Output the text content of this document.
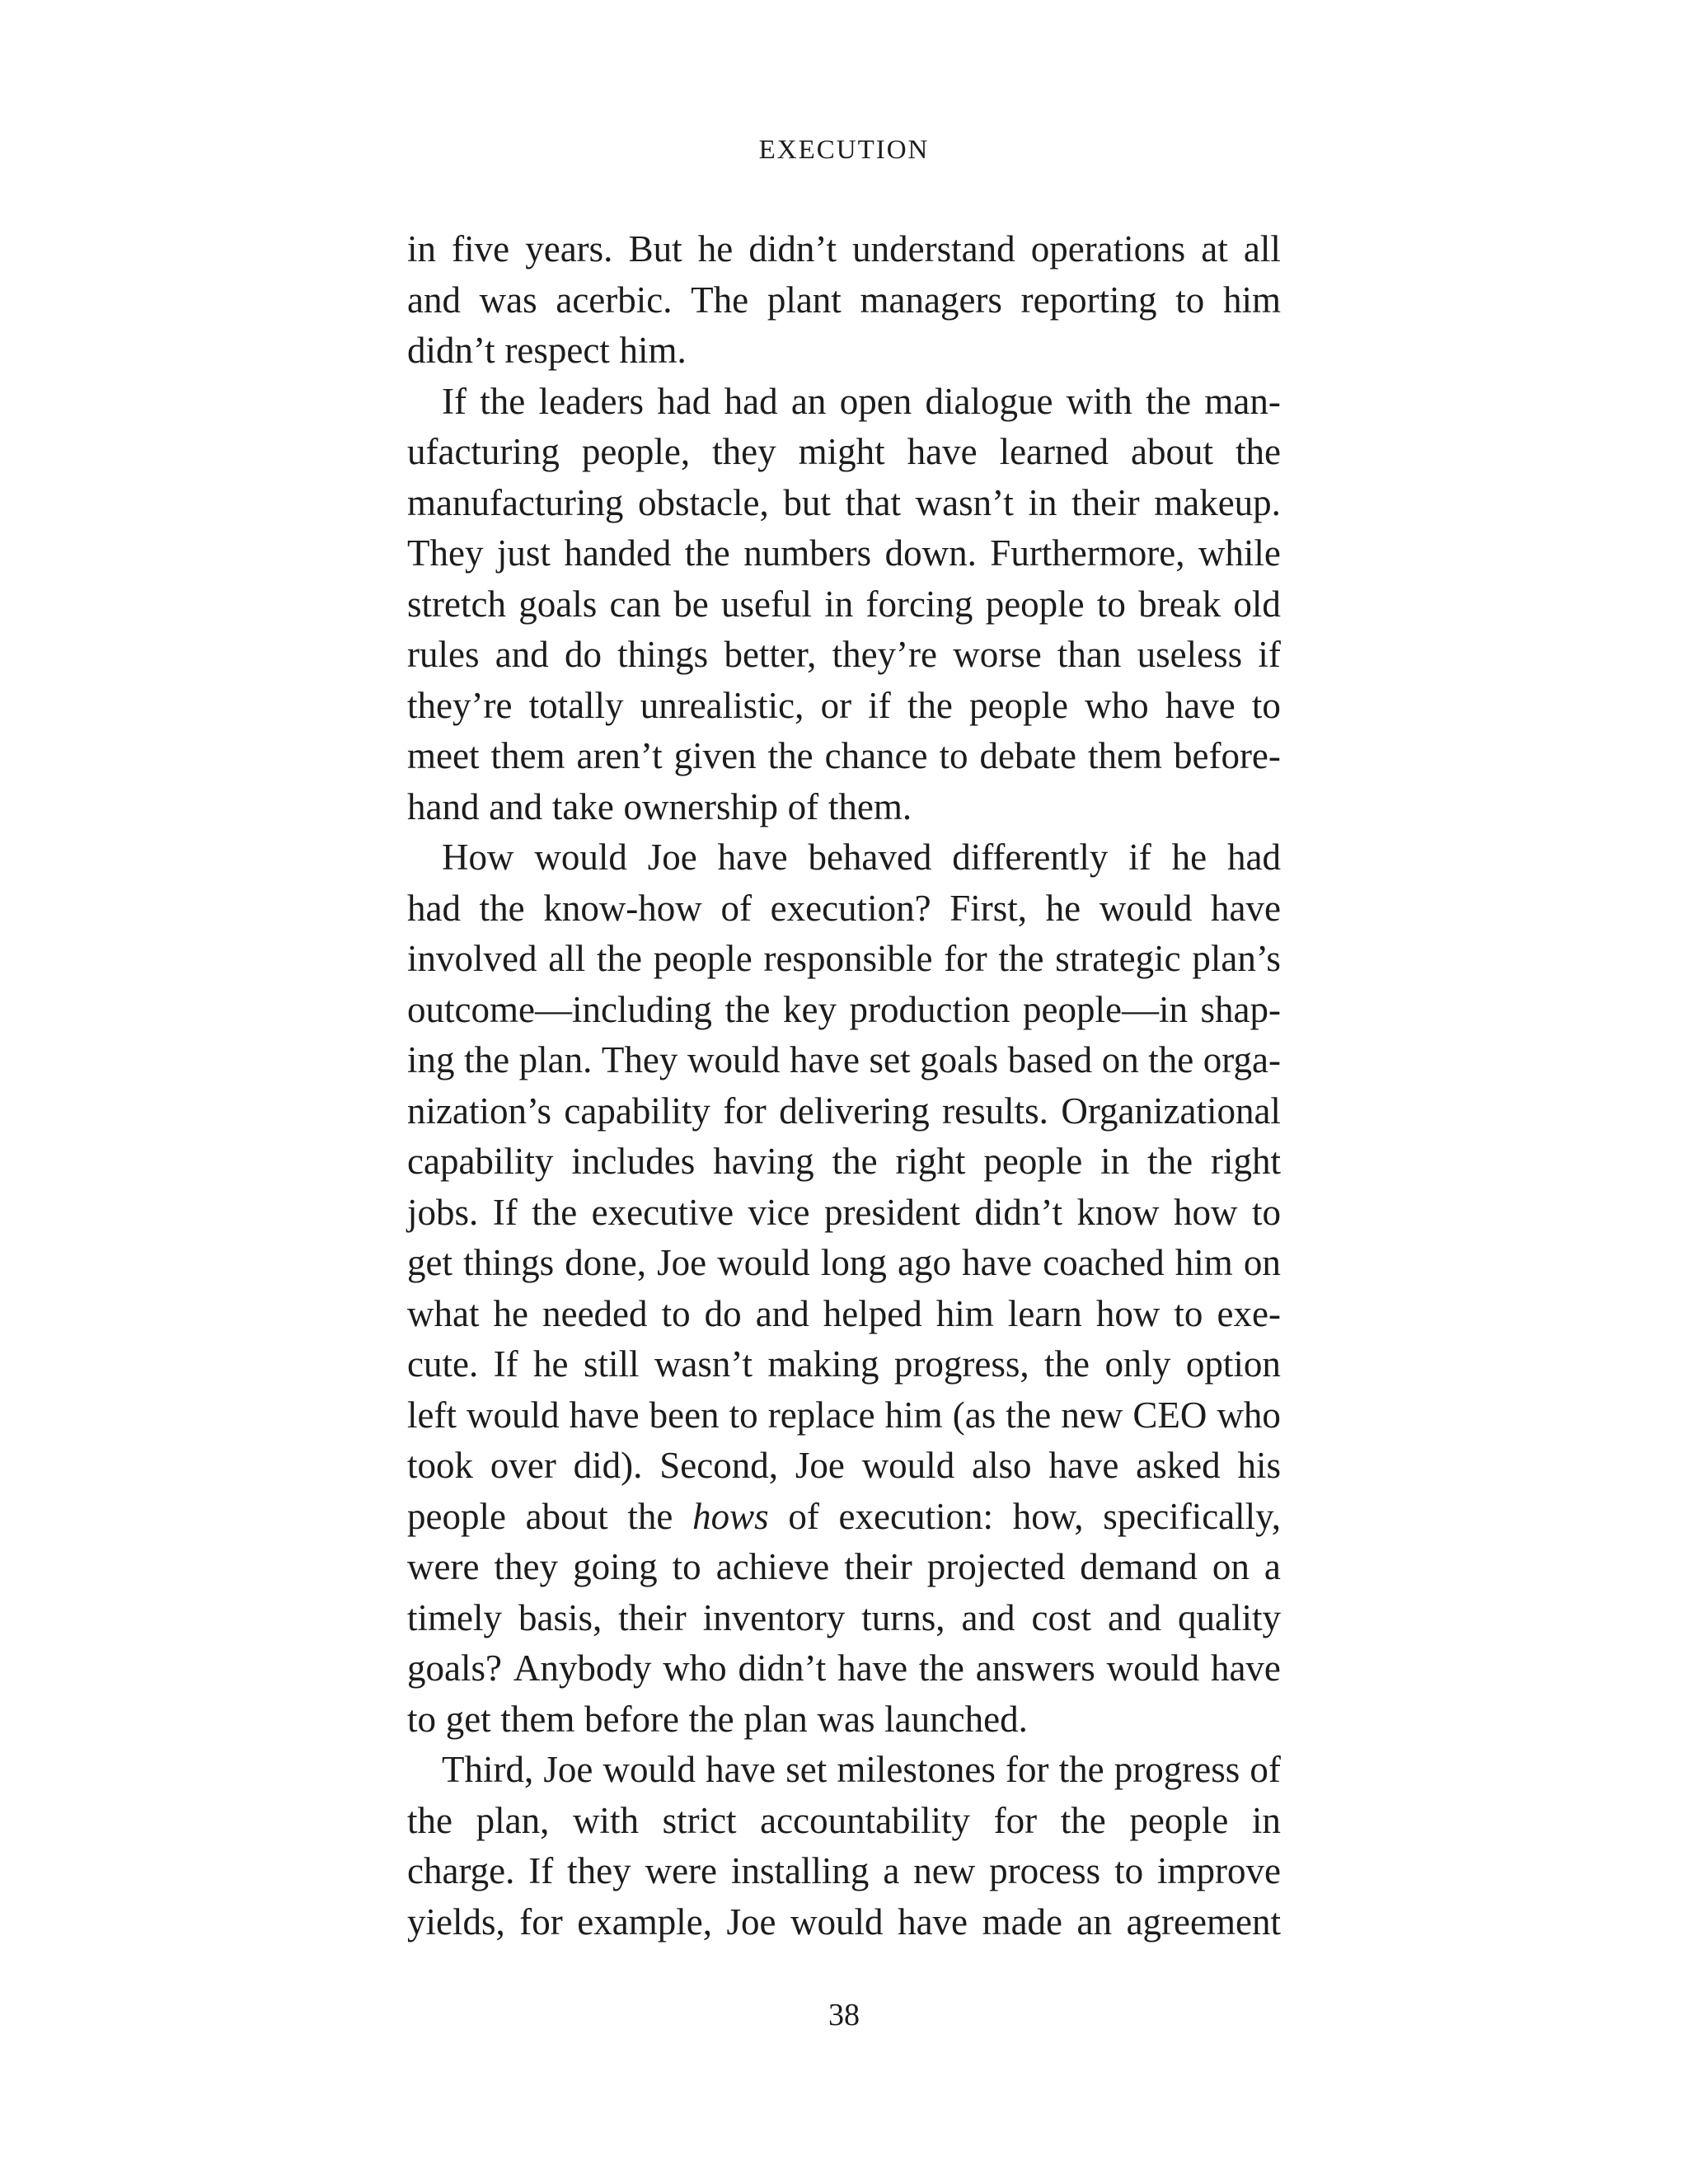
EXECUTION
in five years. But he didn’t understand operations at all
and was acerbic. The plant managers reporting to him
didn’t respect him.
If the leaders had had an open dialogue with the man-
ufacturing people, they might have learned about the
manufacturing obstacle, but that wasn’t in their makeup.
They just handed the numbers down. Furthermore, while
stretch goals can be useful in forcing people to break old
rules and do things better, they’re worse than useless if
they’re totally unrealistic, or if the people who have to
meet them aren’t given the chance to debate them before-
hand and take ownership of them.
How would Joe have behaved differently if he had
had the know-how of execution? First, he would have
involved all the people responsible for the strategic plan’s
outcome—including the key production people—in shap-
ing the plan. They would have set goals based on the orga-
nization’s capability for delivering results. Organizational
capability includes having the right people in the right
jobs. If the executive vice president didn’t know how to
get things done, Joe would long ago have coached him on
what he needed to do and helped him learn how to exe-
cute. If he still wasn’t making progress, the only option
left would have been to replace him (as the new CEO who
took over did). Second, Joe would also have asked his
people about the hows of execution: how, specifically,
were they going to achieve their projected demand on a
timely basis, their inventory turns, and cost and quality
goals? Anybody who didn’t have the answers would have
to get them before the plan was launched.
Third, Joe would have set milestones for the progress of
the plan, with strict accountability for the people in
charge. If they were installing a new process to improve
yields, for example, Joe would have made an agreement
38
